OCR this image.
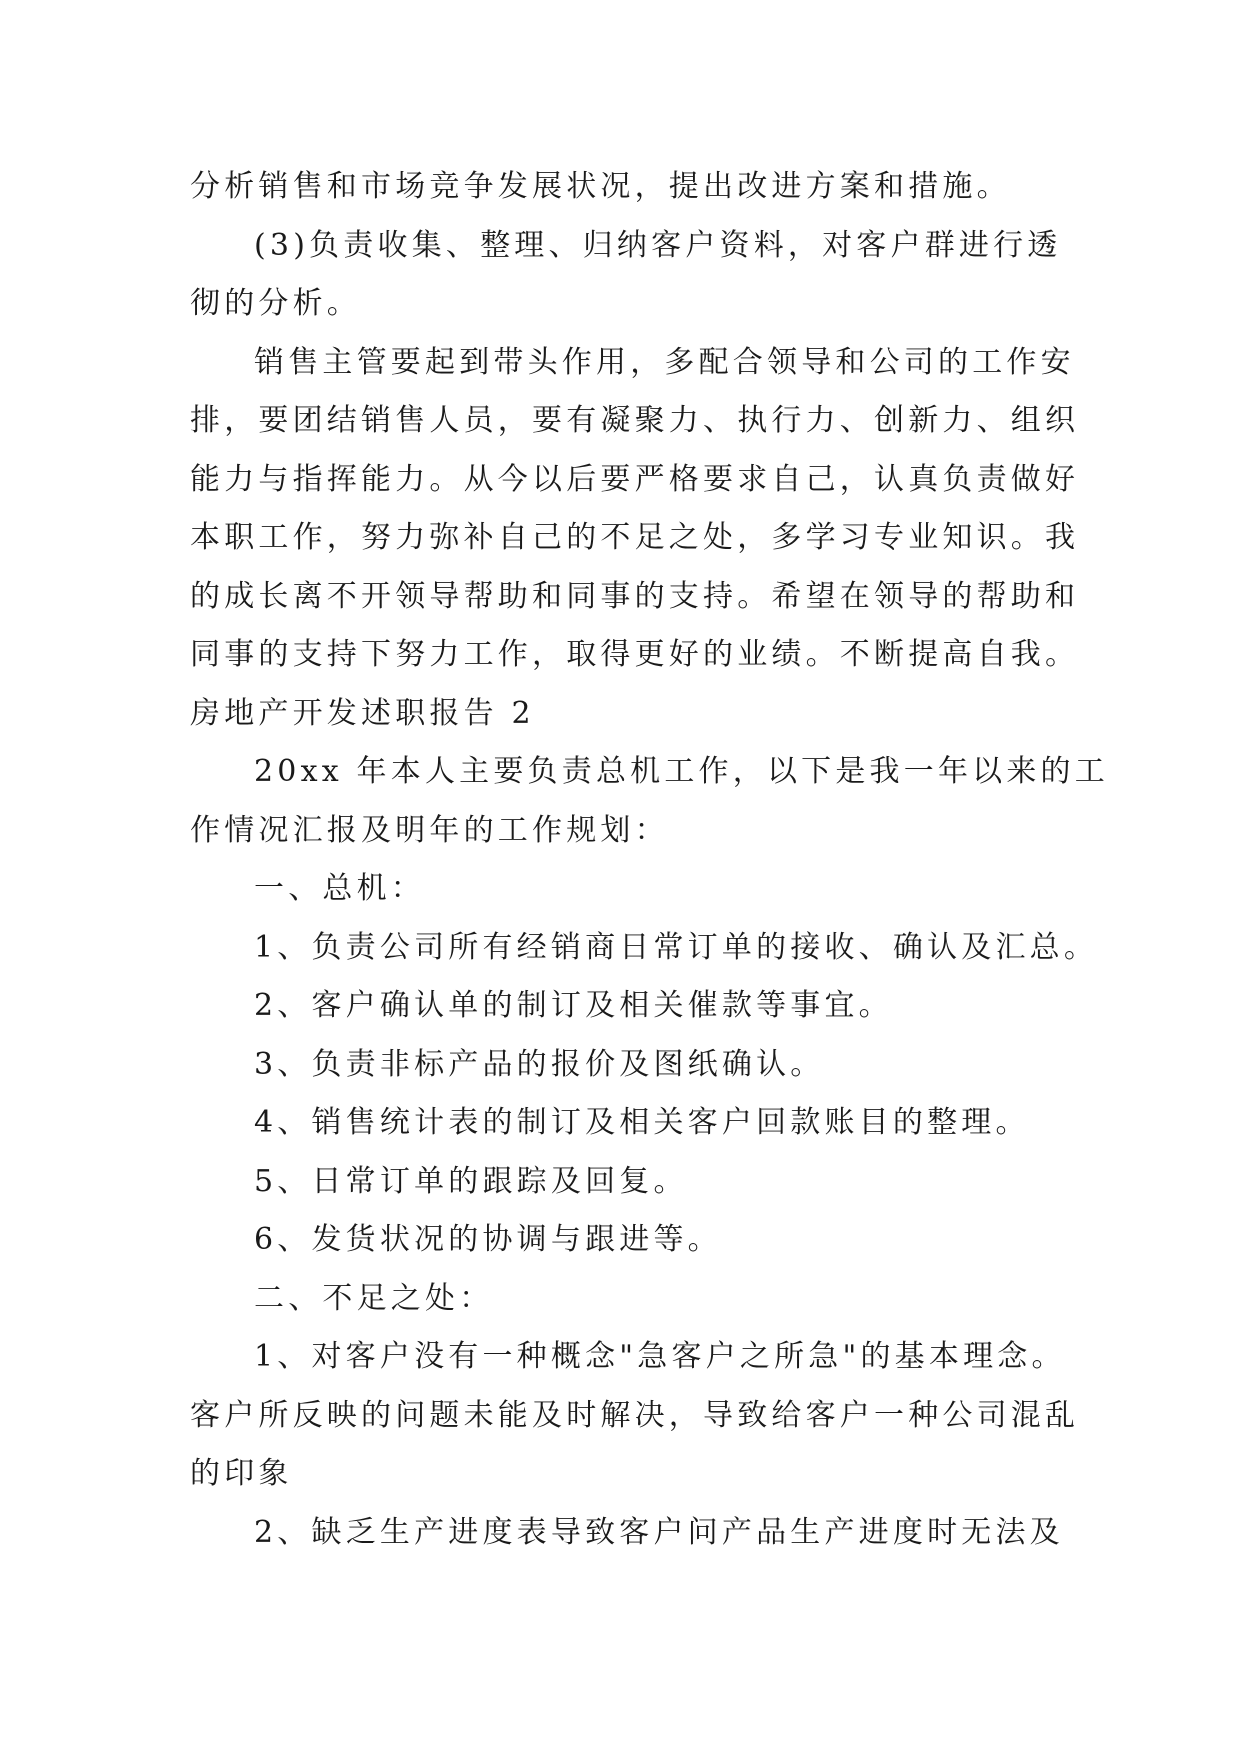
分析销售和市场竞争发展状况，提出改进方案和措施。
(3)负责收集、整理、归纳客户资料，对客户群进行透
彻的分析。
销售主管要起到带头作用，多配合领导和公司的工作安
排，要团结销售人员，要有凝聚力、执行力、创新力、组织
能力与指挥能力。从今以后要严格要求自己，认真负责做好
本职工作，努力弥补自己的不足之处，多学习专业知识。我
的成长离不开领导帮助和同事的支持。希望在领导的帮助和
同事的支持下努力工作，取得更好的业绩。不断提高自我。
房地产开发述职报告 2
20xx 年本人主要负责总机工作，以下是我一年以来的工
作情况汇报及明年的工作规划：
一、总机：
1、负责公司所有经销商日常订单的接收、确认及汇总。
2、客户确认单的制订及相关催款等事宜。
3、负责非标产品的报价及图纸确认。
4、销售统计表的制订及相关客户回款账目的整理。
5、日常订单的跟踪及回复。
6、发货状况的协调与跟进等。
二、不足之处：
1、对客户没有一种概念"急客户之所急"的基本理念。
客户所反映的问题未能及时解决，导致给客户一种公司混乱
的印象
2、缺乏生产进度表导致客户问产品生产进度时无法及
